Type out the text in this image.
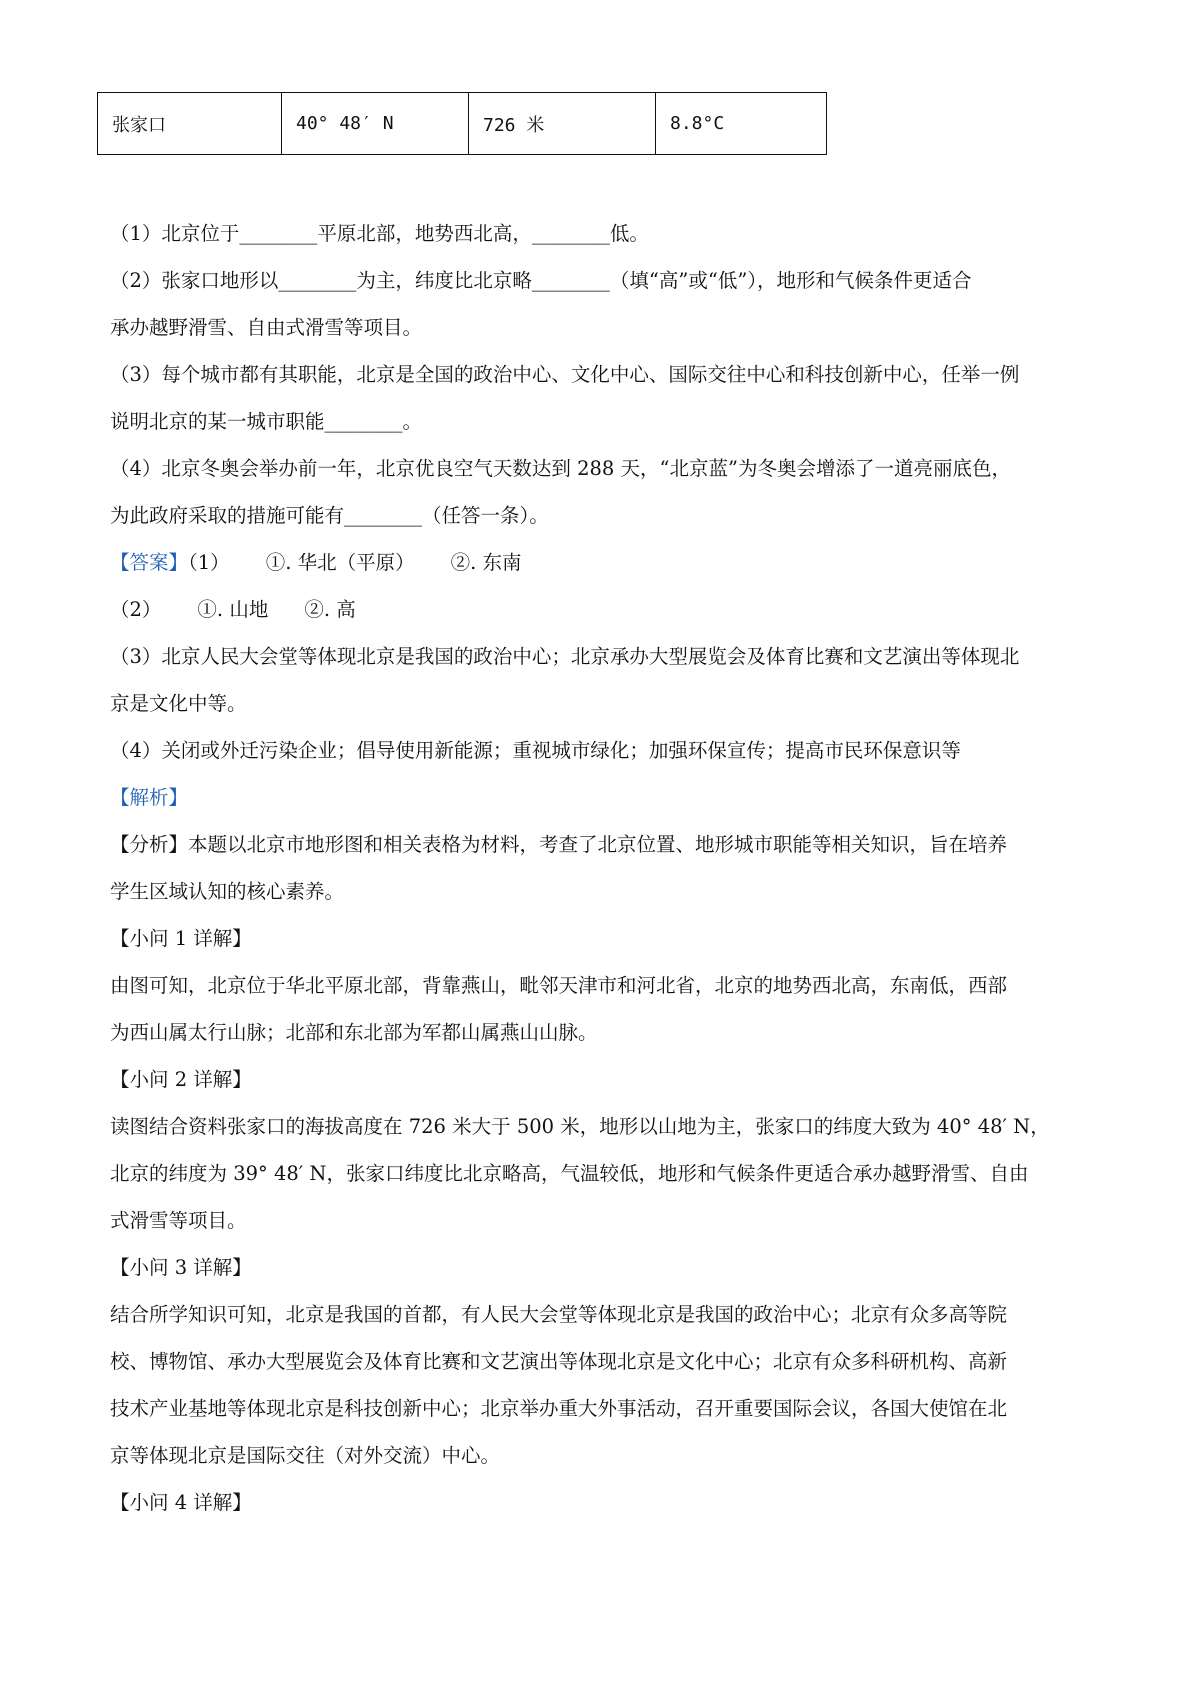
张家口	40° 48′ N	726 米	8.8°C

（1）北京位于________平原北部，地势西北高，________低。

（2）张家口地形以________为主，纬度比北京略________（填“高”或“低”），地形和气候条件更适合

承办越野滑雪、自由式滑雪等项目。

（3）每个城市都有其职能，北京是全国的政治中心、文化中心、国际交往中心和科技创新中心，任举一例

说明北京的某一城市职能________。

（4）北京冬奥会举办前一年，北京优良空气天数达到 288 天，“北京蓝”为冬奥会增添了一道亮丽底色，

为此政府采取的措施可能有________（任答一条）。

【答案】（1） ①. 华北（平原） ②. 东南

（2） ①. 山地 ②. 高

（3）北京人民大会堂等体现北京是我国的政治中心；北京承办大型展览会及体育比赛和文艺演出等体现北

京是文化中等。

（4）关闭或外迁污染企业；倡导使用新能源；重视城市绿化；加强环保宣传；提高市民环保意识等

【解析】

【分析】本题以北京市地形图和相关表格为材料，考查了北京位置、地形城市职能等相关知识，旨在培养

学生区域认知的核心素养。

【小问 1 详解】

由图可知，北京位于华北平原北部，背靠燕山，毗邻天津市和河北省，北京的地势西北高，东南低，西部

为西山属太行山脉；北部和东北部为军都山属燕山山脉。

【小问 2 详解】

读图结合资料张家口的海拔高度在 726 米大于 500 米，地形以山地为主，张家口的纬度大致为 40° 48′ N，

北京的纬度为 39° 48′ N，张家口纬度比北京略高，气温较低，地形和气候条件更适合承办越野滑雪、自由

式滑雪等项目。

【小问 3 详解】

结合所学知识可知，北京是我国的首都，有人民大会堂等体现北京是我国的政治中心；北京有众多高等院

校、博物馆、承办大型展览会及体育比赛和文艺演出等体现北京是文化中心；北京有众多科研机构、高新

技术产业基地等体现北京是科技创新中心；北京举办重大外事活动，召开重要国际会议，各国大使馆在北

京等体现北京是国际交往（对外交流）中心。

【小问 4 详解】
